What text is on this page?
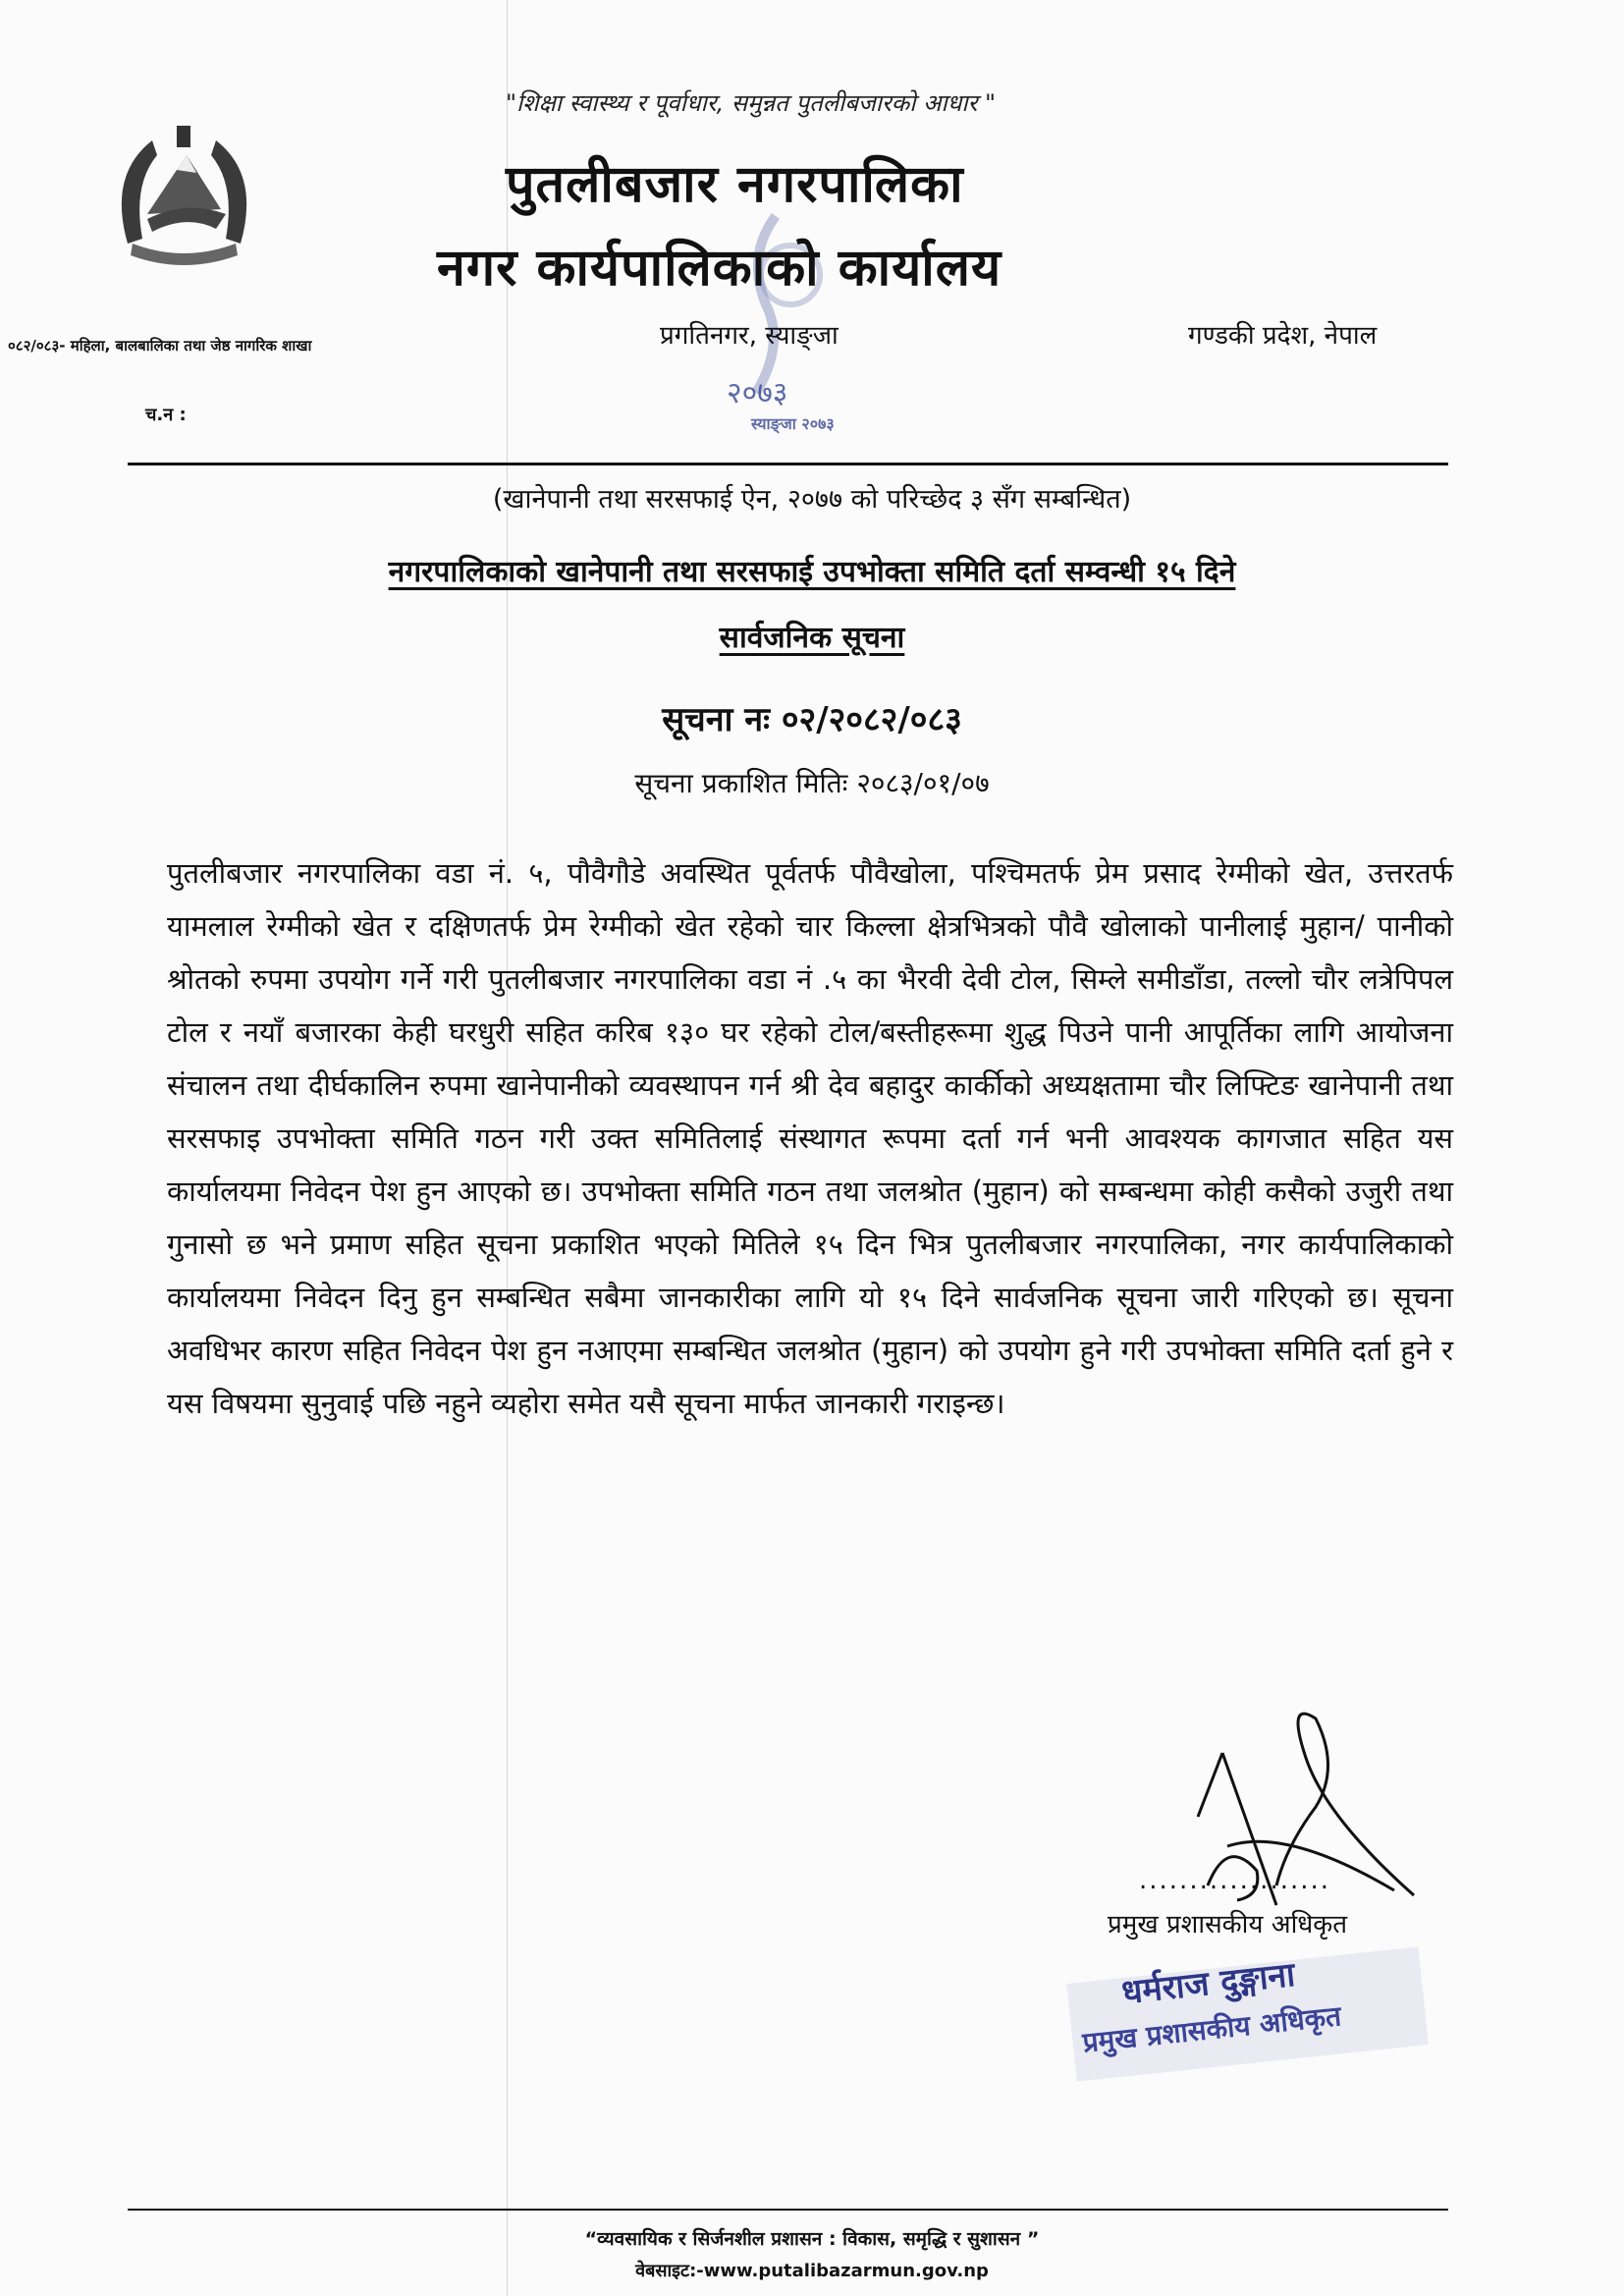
"शिक्षा स्वास्थ्य र पूर्वाधार, समुन्नत पुतलीबजारको आधार "
२०७३
स्याङ्जा २०७३
पुतलीबजार नगरपालिका
नगर कार्यपालिकाको कार्यालय
०८२/०८३- महिला, बालबालिका तथा जेष्ठ नागरिक शाखा	प्रगतिनगर, स्याङ्जा	गण्डकी प्रदेश, नेपाल
च.न :
(खानेपानी तथा सरसफाई ऐन, २०७७ को परिच्छेद ३ सँग सम्बन्धित)
नगरपालिकाको खानेपानी तथा सरसफाई उपभोक्ता समिति दर्ता सम्वन्धी १५ दिने
सार्वजनिक सूचना
सूचना नः ०२/२०८२/०८३
सूचना प्रकाशित मितिः २०८३/०१/०७

पुतलीबजार नगरपालिका वडा नं. ५, पौवैगौडे अवस्थित पूर्वतर्फ पौवैखोला, पश्चिमतर्फ प्रेम प्रसाद रेग्मीको खेत, उत्तरतर्फ यामलाल रेग्मीको खेत र दक्षिणतर्फ प्रेम रेग्मीको खेत रहेको चार किल्ला क्षेत्रभित्रको पौवै खोलाको पानीलाई मुहान/ पानीको श्रोतको रुपमा उपयोग गर्ने गरी पुतलीबजार नगरपालिका वडा नं .५ का भैरवी देवी टोल, सिम्ले समीडाँडा, तल्लो चौर लत्रेपिपल टोल र नयाँ बजारका केही घरधुरी सहित करिब १३० घर रहेको टोल/बस्तीहरूमा शुद्ध पिउने पानी आपूर्तिका लागि आयोजना संचालन तथा दीर्घकालिन रुपमा खानेपानीको व्यवस्थापन गर्न श्री देव बहादुर कार्कीको अध्यक्षतामा चौर लिफ्टिङ खानेपानी तथा सरसफाइ उपभोक्ता समिति गठन गरी उक्त समितिलाई संस्थागत रूपमा दर्ता गर्न भनी आवश्यक कागजात सहित यस कार्यालयमा निवेदन पेश हुन आएको छ। उपभोक्ता समिति गठन तथा जलश्रोत (मुहान) को सम्बन्धमा कोही कसैको उजुरी तथा गुनासो छ भने प्रमाण सहित सूचना प्रकाशित भएको मितिले १५ दिन भित्र पुतलीबजार नगरपालिका, नगर कार्यपालिकाको कार्यालयमा निवेदन दिनु हुन सम्बन्धित सबैमा जानकारीका लागि यो १५ दिने सार्वजनिक सूचना जारी गरिएको छ। सूचना अवधिभर कारण सहित निवेदन पेश हुन नआएमा सम्बन्धित जलश्रोत (मुहान) को उपयोग हुने गरी उपभोक्ता समिति दर्ता हुने र यस विषयमा सुनुवाई पछि नहुने व्यहोरा समेत यसै सूचना मार्फत जानकारी गराइन्छ।

...................
प्रमुख प्रशासकीय अधिकृत
धर्मराज दुङ्गाना
प्रमुख प्रशासकीय अधिकृत
“व्यवसायिक र सिर्जनशील प्रशासन : विकास, समृद्धि र सुशासन ”
वेबसाइट:-www.putalibazarmun.gov.np
